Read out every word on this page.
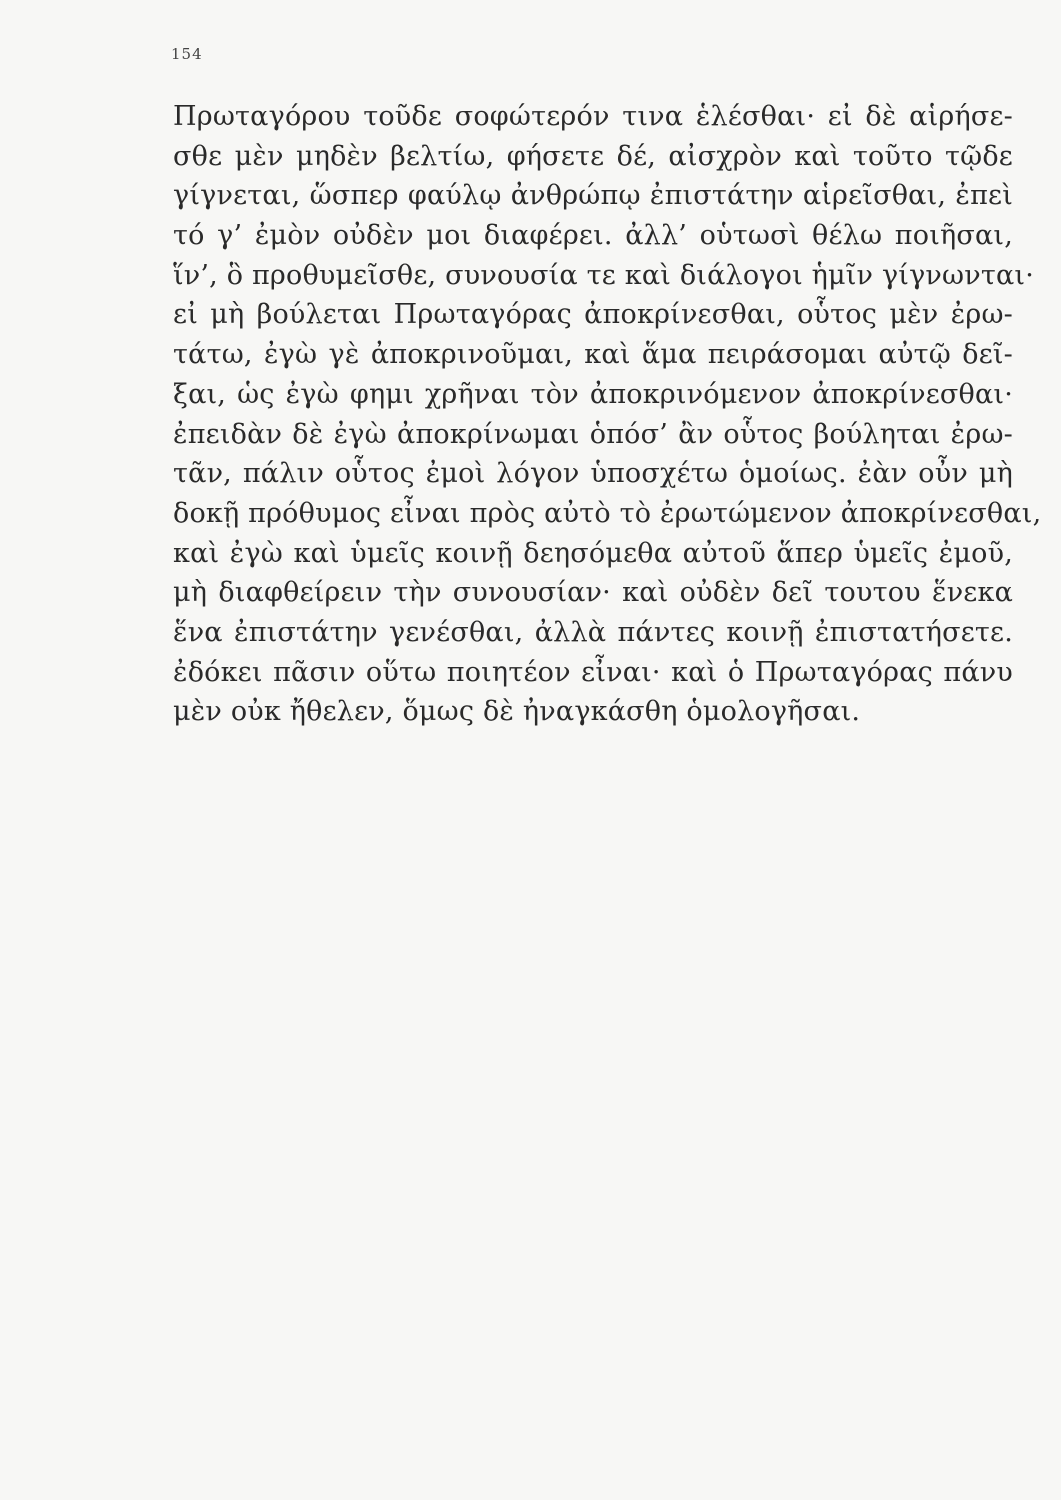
154
Πρωταγόρου τοῦδε σοφώτερόν τινα ἑλέσθαι· εἰ δὲ αἱρήσε-
σθε μὲν μηδὲν βελτίω, φήσετε δέ, αἰσχρὸν καὶ τοῦτο τῷδε
γίγνεται, ὥσπερ φαύλῳ ἀνθρώπῳ ἐπιστάτην αἱρεῖσθαι, ἐπεὶ
τό γ’ ἐμὸν οὐδὲν μοι διαφέρει. ἀλλ’ οὑτωσὶ θέλω ποιῆσαι,
ἵν’, ὃ προθυμεῖσθε, συνουσία τε καὶ διάλογοι ἡμῖν γίγνωνται·
εἰ μὴ βούλεται Πρωταγόρας ἀποκρίνεσθαι, οὗτος μὲν ἐρω-
τάτω, ἐγὼ γὲ ἀποκρινοῦμαι, καὶ ἅμα πειράσομαι αὐτῷ δεῖ-
ξαι, ὡς ἐγὼ φημι χρῆναι τὸν ἀποκρινόμενον ἀποκρίνεσθαι·
ἐπειδὰν δὲ ἐγὼ ἀποκρίνωμαι ὁπόσ’ ἂν οὗτος βούληται ἐρω-
τᾶν, πάλιν οὗτος ἐμοὶ λόγον ὑποσχέτω ὁμοίως. ἐὰν οὖν μὴ
δοκῇ πρόθυμος εἶναι πρὸς αὐτὸ τὸ ἐρωτώμενον ἀποκρίνεσθαι,
καὶ ἐγὼ καὶ ὑμεῖς κοινῇ δεησόμεθα αὐτοῦ ἅπερ ὑμεῖς ἐμοῦ,
μὴ διαφθείρειν τὴν συνουσίαν· καὶ οὐδὲν δεῖ τουτου ἕνεκα
ἕνα ἐπιστάτην γενέσθαι, ἀλλὰ πάντες κοινῇ ἐπιστατήσετε.
ἐδόκει πᾶσιν οὕτω ποιητέον εἶναι· καὶ ὁ Πρωταγόρας πάνυ
μὲν οὐκ ἤθελεν, ὅμως δὲ ἠναγκάσθη ὁμολογῆσαι.
